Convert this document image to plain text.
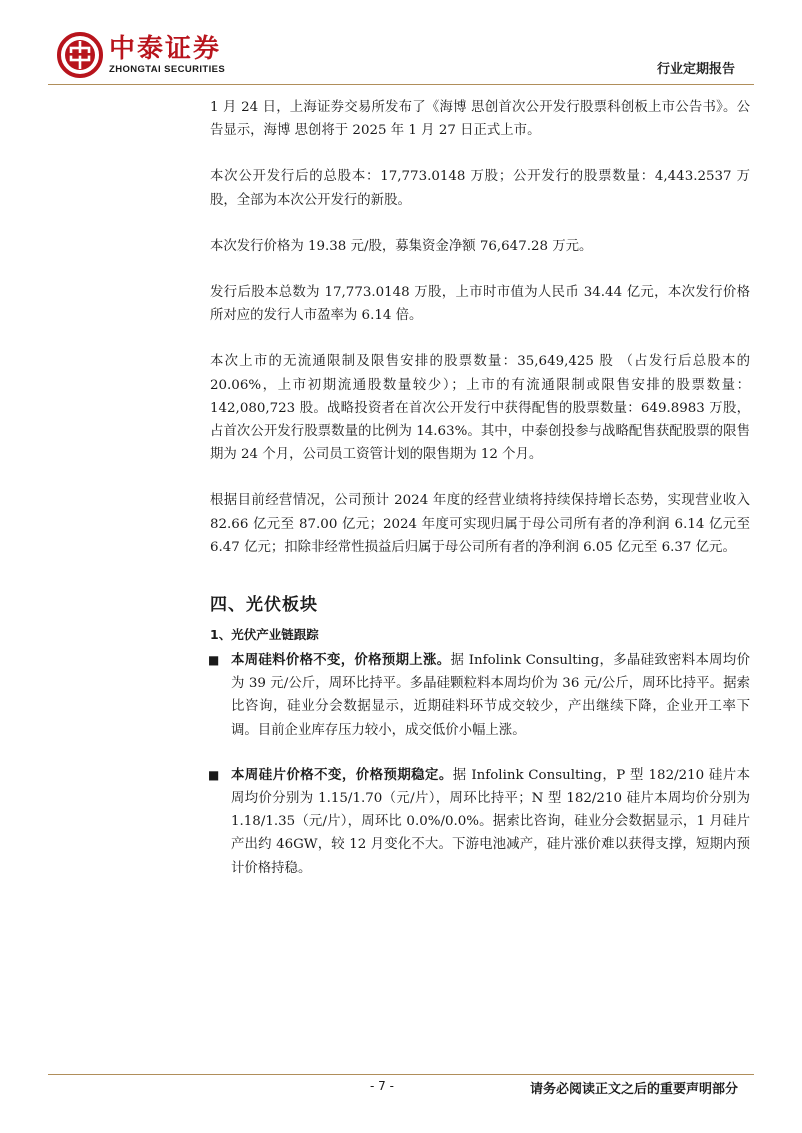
中泰证券
ZHONGTAI SECURITIES	行业定期报告

1 月 24 日，上海证券交易所发布了《海博 思创首次公开发行股票科创板上市公告书》。公告显示，海博 思创将于 2025 年 1 月 27 日正式上市。

本次公开发行后的总股本：17,773.0148 万股；公开发行的股票数量：4,443.2537 万股，全部为本次公开发行的新股。

本次发行价格为 19.38 元/股，募集资金净额 76,647.28 万元。

发行后股本总数为 17,773.0148 万股，上市时市值为人民币 34.44 亿元，本次发行价格所对应的发行人市盈率为 6.14 倍。

本次上市的无流通限制及限售安排的股票数量：35,649,425 股 （占发行后总股本的 20.06%，上市初期流通股数量较少）；上市的有流通限制或限售安排的股票数量：142,080,723 股。战略投资者在首次公开发行中获得配售的股票数量：649.8983 万股，占首次公开发行股票数量的比例为 14.63%。其中，中泰创投参与战略配售获配股票的限售期为 24 个月，公司员工资管计划的限售期为 12 个月。

根据目前经营情况，公司预计 2024 年度的经营业绩将持续保持增长态势，实现营业收入 82.66 亿元至 87.00 亿元；2024 年度可实现归属于母公司所有者的净利润 6.14 亿元至 6.47 亿元；扣除非经常性损益后归属于母公司所有者的净利润 6.05 亿元至 6.37 亿元。

四、光伏板块
1、光伏产业链跟踪
■ 本周硅料价格不变，价格预期上涨。据 Infolink Consulting，多晶硅致密料本周均价为 39 元/公斤，周环比持平。多晶硅颗粒料本周均价为 36 元/公斤，周环比持平。据索比咨询，硅业分会数据显示，近期硅料环节成交较少，产出继续下降，企业开工率下调。目前企业库存压力较小，成交低价小幅上涨。
■ 本周硅片价格不变，价格预期稳定。据 Infolink Consulting，P 型 182/210 硅片本周均价分别为 1.15/1.70（元/片），周环比持平；N 型 182/210 硅片本周均价分别为 1.18/1.35（元/片），周环比 0.0%/0.0%。据索比咨询，硅业分会数据显示，1 月硅片产出约 46GW，较 12 月变化不大。下游电池减产，硅片涨价难以获得支撑，短期内预计价格持稳。
- 7 -	请务必阅读正文之后的重要声明部分
